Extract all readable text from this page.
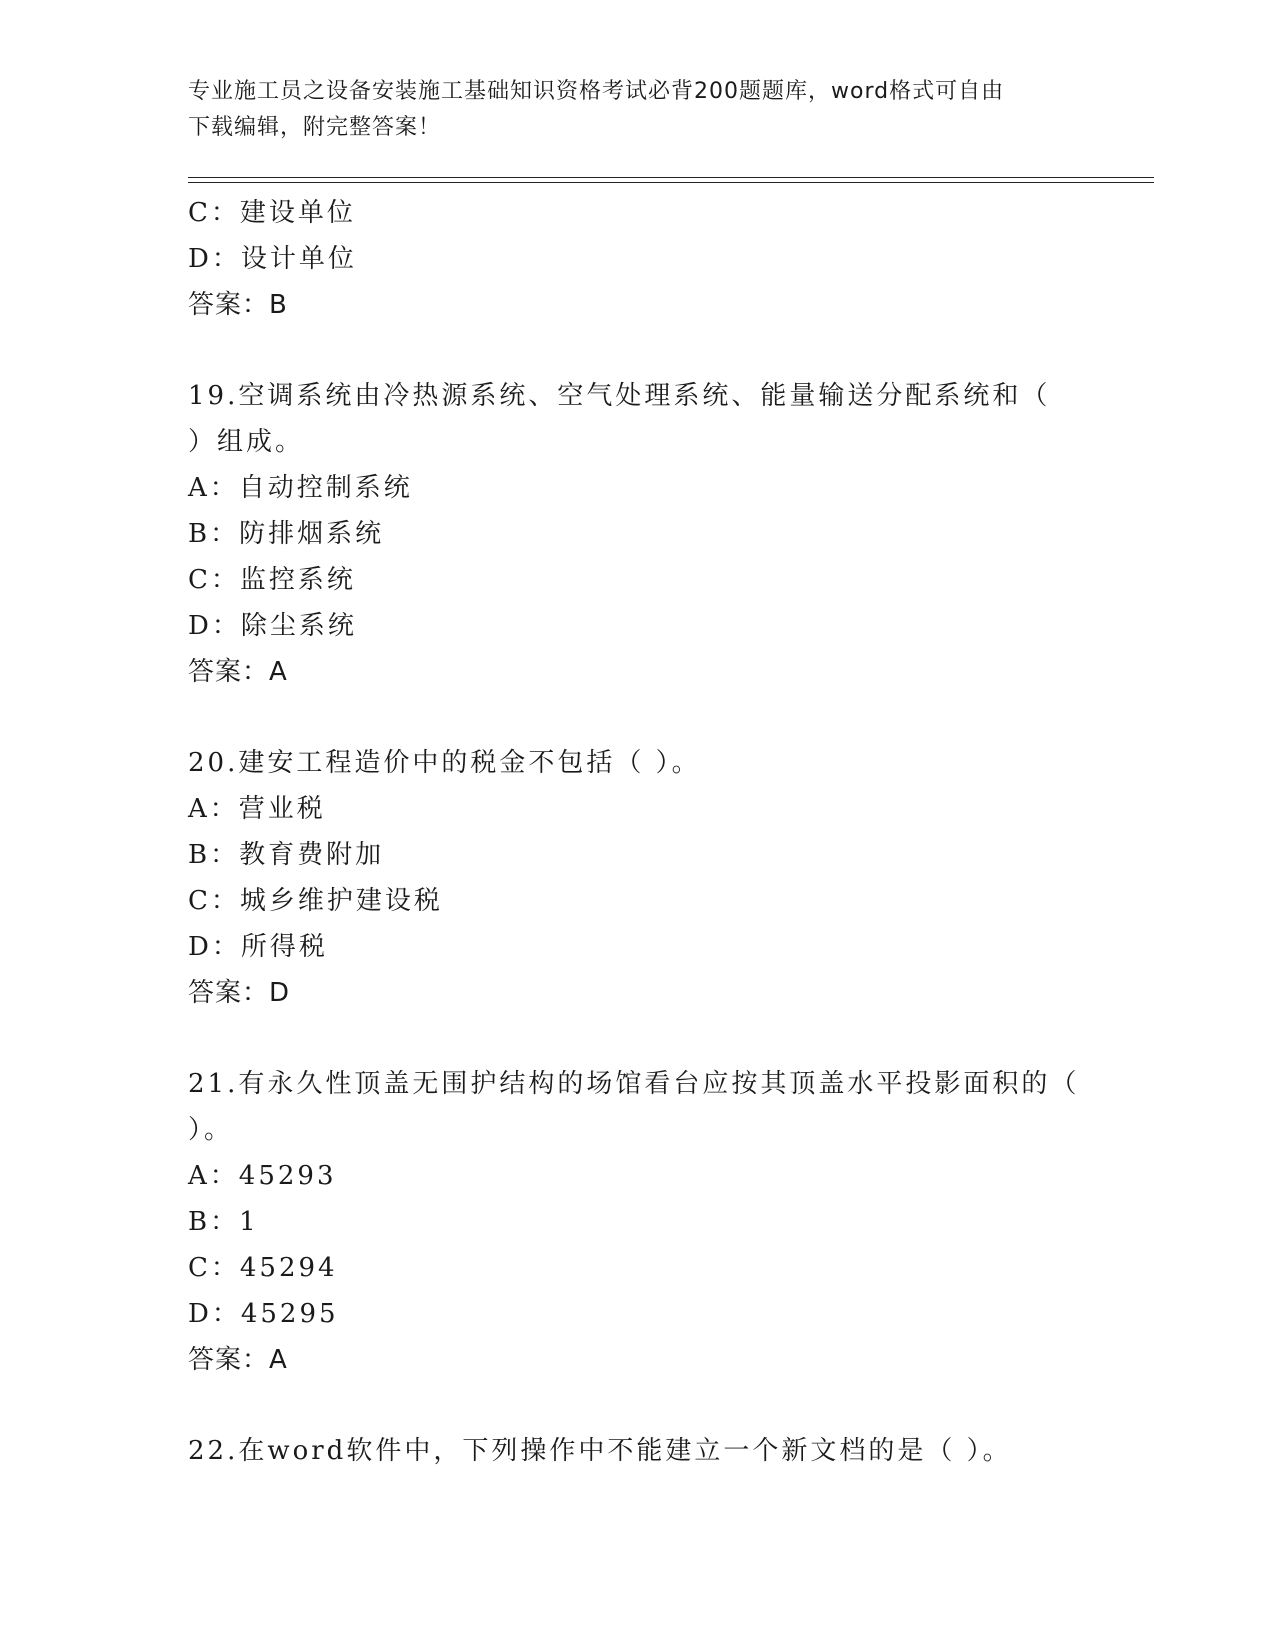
专业施工员之设备安装施工基础知识资格考试必背200题题库，word格式可自由
下载编辑，附完整答案！
C：建设单位
D：设计单位
答案：B
19.空调系统由冷热源系统、空气处理系统、能量输送分配系统和（
）组成。
A：自动控制系统
B：防排烟系统
C：监控系统
D：除尘系统
答案：A
20.建安工程造价中的税金不包括（ ）。
A：营业税
B：教育费附加
C：城乡维护建设税
D：所得税
答案：D
21.有永久性顶盖无围护结构的场馆看台应按其顶盖水平投影面积的（
）。
A：45293
B：1
C：45294
D：45295
答案：A
22.在word软件中，下列操作中不能建立一个新文档的是（ ）。
